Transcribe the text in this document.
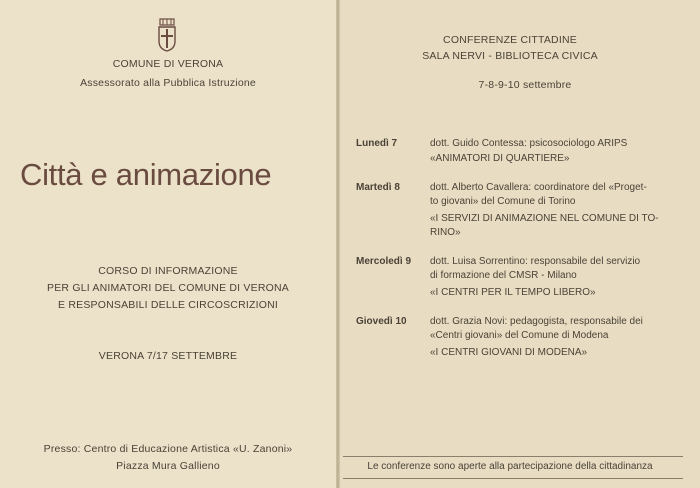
COMUNE DI VERONA
Assessorato alla Pubblica Istruzione
Città e animazione
CORSO DI INFORMAZIONE
PER GLI ANIMATORI DEL COMUNE DI VERONA
E RESPONSABILI DELLE CIRCOSCRIZIONI
VERONA 7/17 SETTEMBRE
Presso: Centro di Educazione Artistica «U. Zanoni»
Piazza Mura Gallieno
CONFERENZE CITTADINE
SALA NERVI - BIBLIOTECA CIVICA
7-8-9-10 settembre
Lunedì 7	dott. Guido Contessa: psicosociologo ARIPS
«ANIMATORI DI QUARTIERE»
Martedì 8	dott. Alberto Cavallera: coordinatore del «Proget-
to giovani» del Comune di Torino
«I SERVIZI DI ANIMAZIONE NEL COMUNE DI TO-
RINO»
Mercoledì 9 dott. Luisa Sorrentino: responsabile del servizio
di formazione del CMSR - Milano
«I CENTRI PER IL TEMPO LIBERO»
Giovedì 10 dott. Grazia Novi: pedagogista, responsabile dei
«Centri giovani» del Comune di Modena
«I CENTRI GIOVANI DI MODENA»
Le conferenze sono aperte alla partecipazione della cittadinanza
